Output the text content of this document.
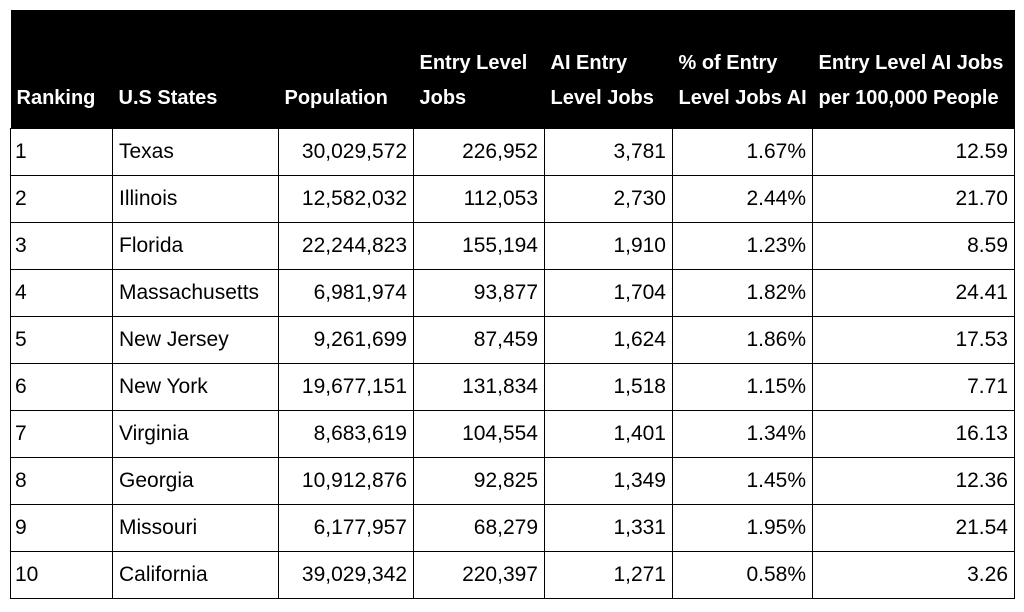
Ranking	U.S States	Population	Entry Level Jobs	AI Entry Level Jobs	% of Entry Level Jobs AI	Entry Level AI Jobs per 100,000 People
1	Texas	30,029,572	226,952	3,781	1.67%	12.59
2	Illinois	12,582,032	112,053	2,730	2.44%	21.70
3	Florida	22,244,823	155,194	1,910	1.23%	8.59
4	Massachusetts	6,981,974	93,877	1,704	1.82%	24.41
5	New Jersey	9,261,699	87,459	1,624	1.86%	17.53
6	New York	19,677,151	131,834	1,518	1.15%	7.71
7	Virginia	8,683,619	104,554	1,401	1.34%	16.13
8	Georgia	10,912,876	92,825	1,349	1.45%	12.36
9	Missouri	6,177,957	68,279	1,331	1.95%	21.54
10	California	39,029,342	220,397	1,271	0.58%	3.26
